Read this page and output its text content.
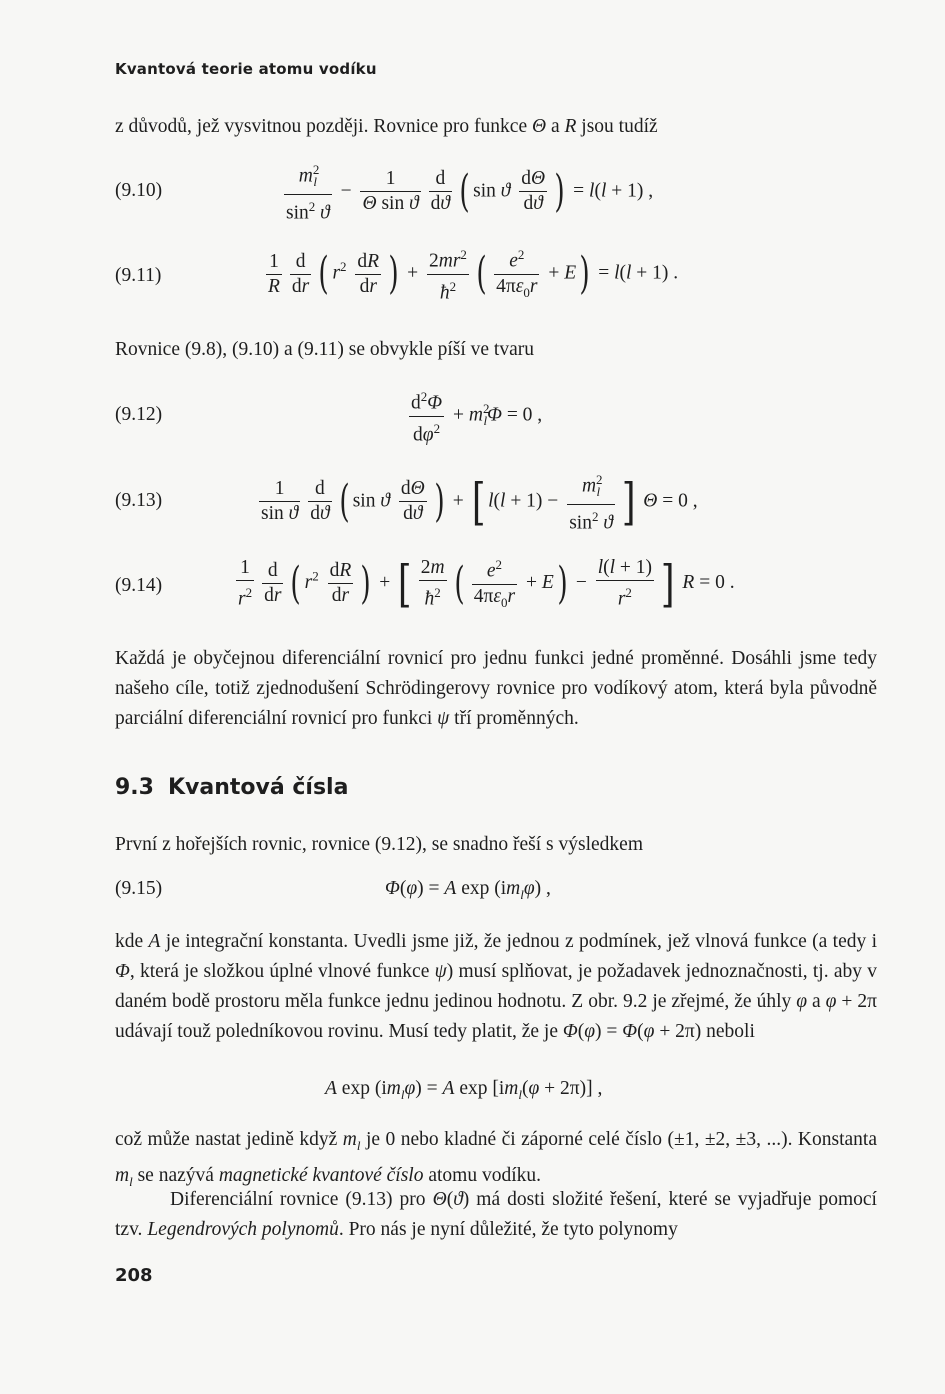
Kvantová teorie atomu vodíku

z důvodů, jež vysvitnou později. Rovnice pro funkce Θ a R jsou tudíž

(9.10)	$\frac{m^2_l}{\sin^2 ϑ} - \frac{1}{\text{Θ sin ϑ}} \frac{d}{dϑ}$ ( sin ϑ $\frac{d\Theta}{dϑ}$ ) = l(l + 1) ,
(9.11)	$\frac{1}{R} \frac{d}{dr}$ ( $r^2 \frac{dR}{dr}$ ) + $\frac{2mr^2}{ħ^2}$ ( $\frac{e^2}{4\pi\varepsilon_0r} + E) = l(l + 1)$ .

Rovnice (9.8), (9.10) a (9.11) se obvykle píší ve tvaru

(9.12)	$\frac{d^2\Phi}{d\varphi^2} + m^2_l\Phi = 0$ ,
(9.13)	$\frac{1}{\text{sin ϑ}} \frac{d}{dϑ}$ ( sin ϑ $\frac{d\Theta}{dϑ}$ ) + [ $l(l + 1) - \frac{m^2_l}{\sin^2 ϑ}$ ] Θ = 0 ,
(9.14)	$\frac{1}{r^2} \frac{d}{dr}$ ( $r^2 \frac{dR}{dr}$ ) + [ $\frac{2m}{ħ^2}$ ( $\frac{e^2}{4\pi\varepsilon_0r} + E) - \frac{l(l + 1)}{r^2}$ ] R = 0 .

Každá je obyčejnou diferenciální rovnicí pro jednu funkci jedné proměnné. Dosáhli jsme tedy našeho cíle, totiž zjednodušení Schrödingerovy rovnice pro vodíkový atom, která byla původně parciální diferenciální rovnicí pro funkci ψ tří proměnných.

9.3 Kvantová čísla

První z hořejších rovnic, rovnice (9.12), se snadno řeší s výsledkem

(9.15)	Φ(φ) = A $\exp (im_l\varphi)$ ,

kde A je integrační konstanta. Uvedli jsme již, že jednou z podmínek, jež vlnová funkce (a tedy i Φ, která je složkou úplné vlnové funkce ψ) musí splňovat, je požadavek jednoznačnosti, tj. aby v daném bodě prostoru měla funkce jednu jedinou hodnotu. Z obr. 9.2 je zřejmé, že úhly φ a φ + 2π udávají touž poledníkovou rovinu. Musí tedy platit, že je Φ(φ) = Φ(φ + 2π) neboli

A $\exp (im_l\varphi) = A$ $\exp [im_l(\varphi + 2\pi)]$ ,

což může nastat jedině když $m_l$ je 0 nebo kladné či záporné celé číslo (±1, ±2, ±3, ...). Konstanta $m_l$ se nazývá magnetické kvantové číslo atomu vodíku.

Diferenciální rovnice (9.13) pro Θ(ϑ) má dosti složité řešení, které se vyjadřuje pomocí tzv. Legendrových polynomů. Pro nás je nyní důležité, že tyto polynomy

208
